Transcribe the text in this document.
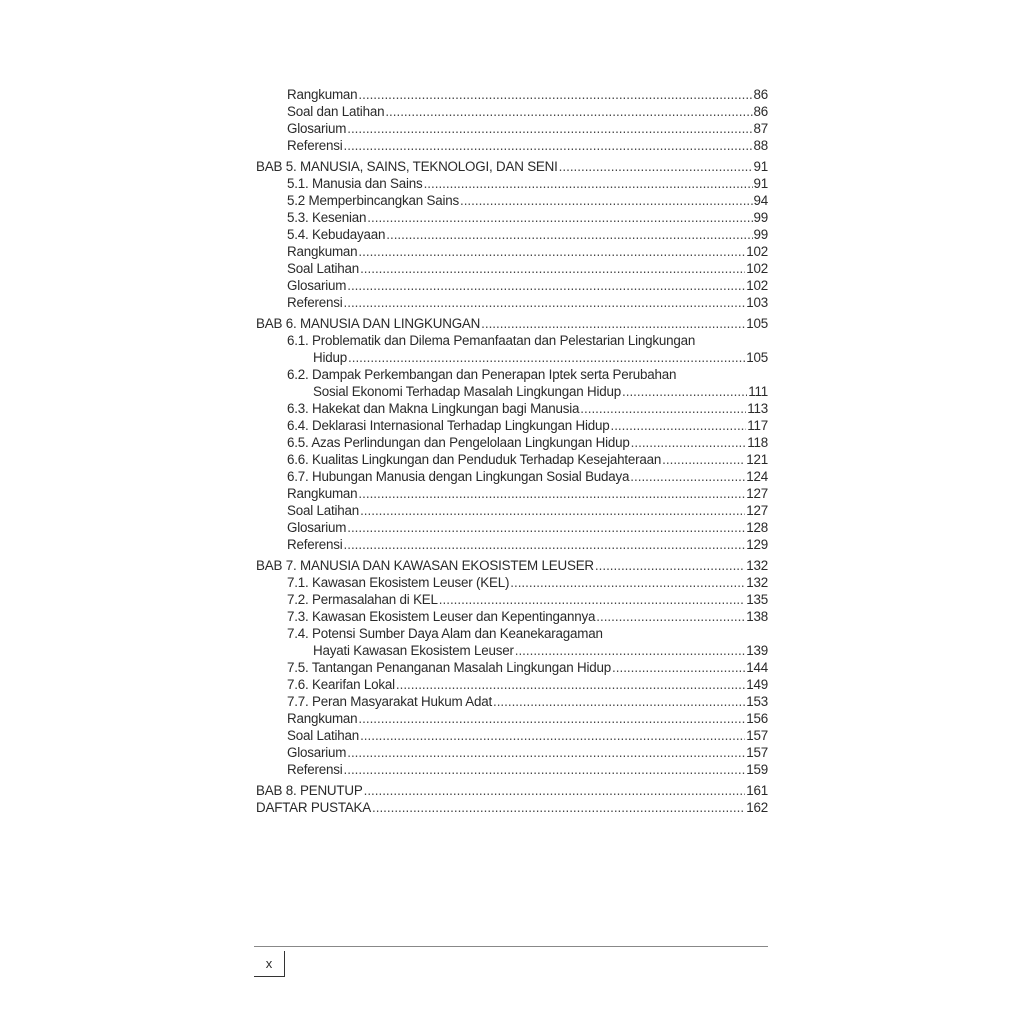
Rangkuman .....	86
Soal dan Latihan .....	86
Glosarium .....	87
Referensi .....	88
BAB 5. MANUSIA, SAINS, TEKNOLOGI, DAN SENI .....	91
5.1. Manusia dan Sains .....	91
5.2 Memperbincangkan Sains .....	94
5.3. Kesenian .....	99
5.4. Kebudayaan .....	99
Rangkuman .....	102
Soal Latihan .....	102
Glosarium .....	102
Referensi .....	103
BAB 6. MANUSIA DAN LINGKUNGAN .....	105
6.1. Problematik dan Dilema Pemanfaatan dan Pelestarian Lingkungan
Hidup .....	105
6.2. Dampak Perkembangan dan Penerapan Iptek serta Perubahan
Sosial Ekonomi Terhadap Masalah Lingkungan Hidup .....	111
6.3. Hakekat dan Makna Lingkungan bagi Manusia .....	113
6.4. Deklarasi Internasional Terhadap Lingkungan Hidup .....	117
6.5. Azas Perlindungan dan Pengelolaan Lingkungan Hidup .....	118
6.6. Kualitas Lingkungan dan Penduduk Terhadap Kesejahteraan .....	121
6.7. Hubungan Manusia dengan Lingkungan Sosial Budaya .....	124
Rangkuman .....	127
Soal Latihan .....	127
Glosarium .....	128
Referensi .....	129
BAB 7. MANUSIA DAN KAWASAN EKOSISTEM LEUSER .....	132
7.1. Kawasan Ekosistem Leuser (KEL) .....	132
7.2. Permasalahan di KEL .....	135
7.3. Kawasan Ekosistem Leuser dan Kepentingannya .....	138
7.4. Potensi Sumber Daya Alam dan Keanekaragaman
Hayati Kawasan Ekosistem Leuser .....	139
7.5. Tantangan Penanganan Masalah Lingkungan Hidup .....	144
7.6. Kearifan Lokal .....	149
7.7. Peran Masyarakat Hukum Adat .....	153
Rangkuman .....	156
Soal Latihan .....	157
Glosarium .....	157
Referensi .....	159
BAB 8. PENUTUP .....	161
DAFTAR PUSTAKA .....	162
x
